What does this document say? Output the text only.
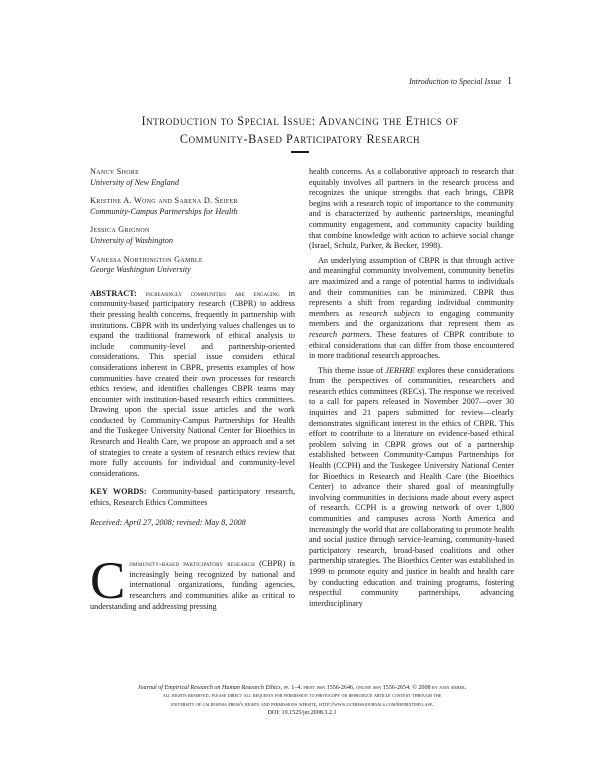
Introduction to Special Issue 1
Introduction to Special Issue: Advancing the Ethics of
Community-Based Participatory Research
Nancy Shore
University of New England
Kristine A. Wong and Sarena D. Seifer
Community-Campus Partnerships for Health
Jessica Grignon
University of Washington
Vanessa Northington Gamble
George Washington University
ABSTRACT: increasingly communities are engaging in community-based participatory research (CBPR) to address their pressing health concerns, frequently in partnership with institutions. CBPR with its underlying values challenges us to expand the traditional framework of ethical analysis to include community-level and partnership-oriented considerations. This special issue considers ethical considerations inherent in CBPR, presents examples of how communities have created their own processes for research ethics review, and identifies challenges CBPR teams may encounter with institution-based research ethics committees. Drawing upon the special issue articles and the work conducted by Community-Campus Partnerships for Health and the Tuskegee University National Center for Bioethics in Research and Health Care, we propose an approach and a set of strategies to create a system of research ethics review that more fully accounts for individual and community-level considerations.
KEY WORDS: Community-based participatory research, ethics, Research Ethics Committees
Received: April 27, 2008; revised: May 8, 2008
Community-based participatory research (CBPR) is increasingly being recognized by national and international organizations, funding agencies, researchers and communities alike as critical to understanding and addressing pressing

health concerns. As a collaborative approach to research that equitably involves all partners in the research process and recognizes the unique strengths that each brings, CBPR begins with a research topic of importance to the community and is characterized by authentic partnerships, meaningful community engagement, and community capacity building that combine knowledge with action to achieve social change (Israel, Schulz, Parker, & Becker, 1998).

An underlying assumption of CBPR is that through active and meaningful community involvement, community benefits are maximized and a range of potential harms to individuals and their communities can be minimized. CBPR thus represents a shift from regarding individual community members as research subjects to engaging community members and the organizations that represent them as research partners. These features of CBPR contribute to ethical considerations that can differ from those encountered in more traditional research approaches.

This theme issue of JERHRE explores these considerations from the perspectives of communities, researchers and research ethics committees (RECs). The response we received to a call for papers released in November 2007—over 30 inquiries and 21 papers submitted for review—clearly demonstrates significant interest in the ethics of CBPR. This effort to contribute to a literature on evidence-based ethical problem solving in CBPR grows out of a partnership established between Community-Campus Partnerships for Health (CCPH) and the Tuskegee University National Center for Bioethics in Research and Health Care (the Bioethics Center) to advance their shared goal of meaningfully involving communities in decisions made about every aspect of research. CCPH is a growing network of over 1,800 communities and campuses across North America and increasingly the world that are collaborating to promote health and social justice through service-learning, community-based participatory research, broad-based coalitions and other partnership strategies. The Bioethics Center was established in 1999 to promote equity and justice in health and health care by conducting education and training programs, fostering respectful community partnerships, advancing interdisciplinary

Journal of Empirical Research on Human Research Ethics, pp. 1–4. print issn 1556-2646, online issn 1556-2654. © 2008 by joan sieber.
all rights reserved. please direct all requests for permission to photocopy or reproduce article content through the
university of california press's rights and permissions website, http://www.ucpressjournals.com/reprintinfo.asp.
DOI: 10.1525/jer.2008.3.2.1
